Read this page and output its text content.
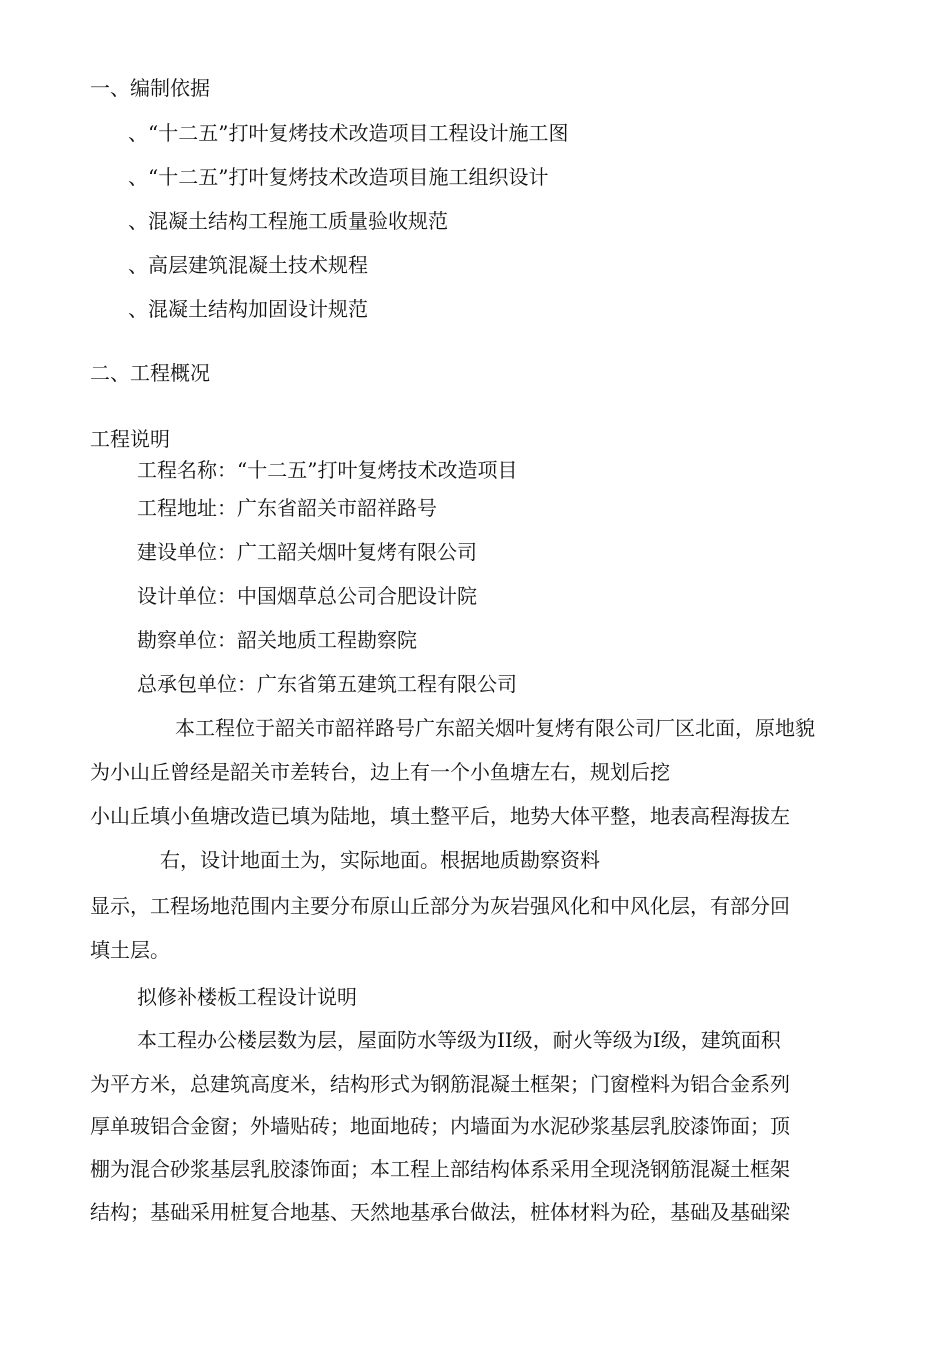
一、编制依据
、“十二五”打叶复烤技术改造项目工程设计施工图
、“十二五”打叶复烤技术改造项目施工组织设计
、混凝土结构工程施工质量验收规范
、高层建筑混凝土技术规程
、混凝土结构加固设计规范
二、工程概况
工程说明
工程名称：“十二五”打叶复烤技术改造项目
工程地址：广东省韶关市韶祥路号
建设单位：广工韶关烟叶复烤有限公司
设计单位：中国烟草总公司合肥设计院
勘察单位：韶关地质工程勘察院
总承包单位：广东省第五建筑工程有限公司
本工程位于韶关市韶祥路号广东韶关烟叶复烤有限公司厂区北面，原地貌
为小山丘曾经是韶关市差转台，边上有一个小鱼塘左右，规划后挖
小山丘填小鱼塘改造已填为陆地，填土整平后，地势大体平整，地表高程海拔左
右，设计地面土为，实际地面。根据地质勘察资料
显示，工程场地范围内主要分布原山丘部分为灰岩强风化和中风化层，有部分回
填土层。
拟修补楼板工程设计说明
本工程办公楼层数为层，屋面防水等级为II级，耐火等级为I级，建筑面积
为平方米，总建筑高度米，结构形式为钢筋混凝土框架；门窗樘料为铝合金系列
厚单玻铝合金窗；外墙贴砖；地面地砖；内墙面为水泥砂浆基层乳胶漆饰面；顶
棚为混合砂浆基层乳胶漆饰面；本工程上部结构体系采用全现浇钢筋混凝土框架
结构；基础采用桩复合地基、天然地基承台做法，桩体材料为砼，基础及基础梁
